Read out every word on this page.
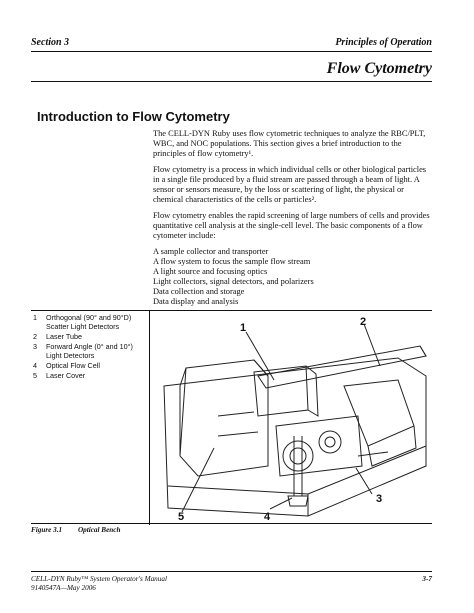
Section 3	Principles of Operation
Flow Cytometry
Introduction to Flow Cytometry

The CELL-DYN Ruby uses flow cytometric techniques to analyze the RBC/PLT, WBC, and NOC populations. This section gives a brief introduction to the principles of flow cytometry¹.

Flow cytometry is a process in which individual cells or other biological particles in a single file produced by a fluid stream are passed through a beam of light. A sensor or sensors measure, by the loss or scattering of light, the physical or chemical characteristics of the cells or particles².

Flow cytometry enables the rapid screening of large numbers of cells and provides quantitative cell analysis at the single-cell level. The basic components of a flow cytometer include:

A sample collector and transporter
A flow system to focus the sample flow stream
A light source and focusing optics
Light collectors, signal detectors, and polarizers
Data collection and storage
Data display and analysis
1	Orthogonal (90° and 90°D) Scatter Light Detectors
2	Laser Tube
3	Forward Angle (0° and 10°) Light Detectors
4	Optical Flow Cell
5	Laser Cover
1	2
3
4
5
Figure 3.1 Optical Bench
CELL-DYN Ruby™ System Operator's Manual
9140547A—May 2006
3-7
